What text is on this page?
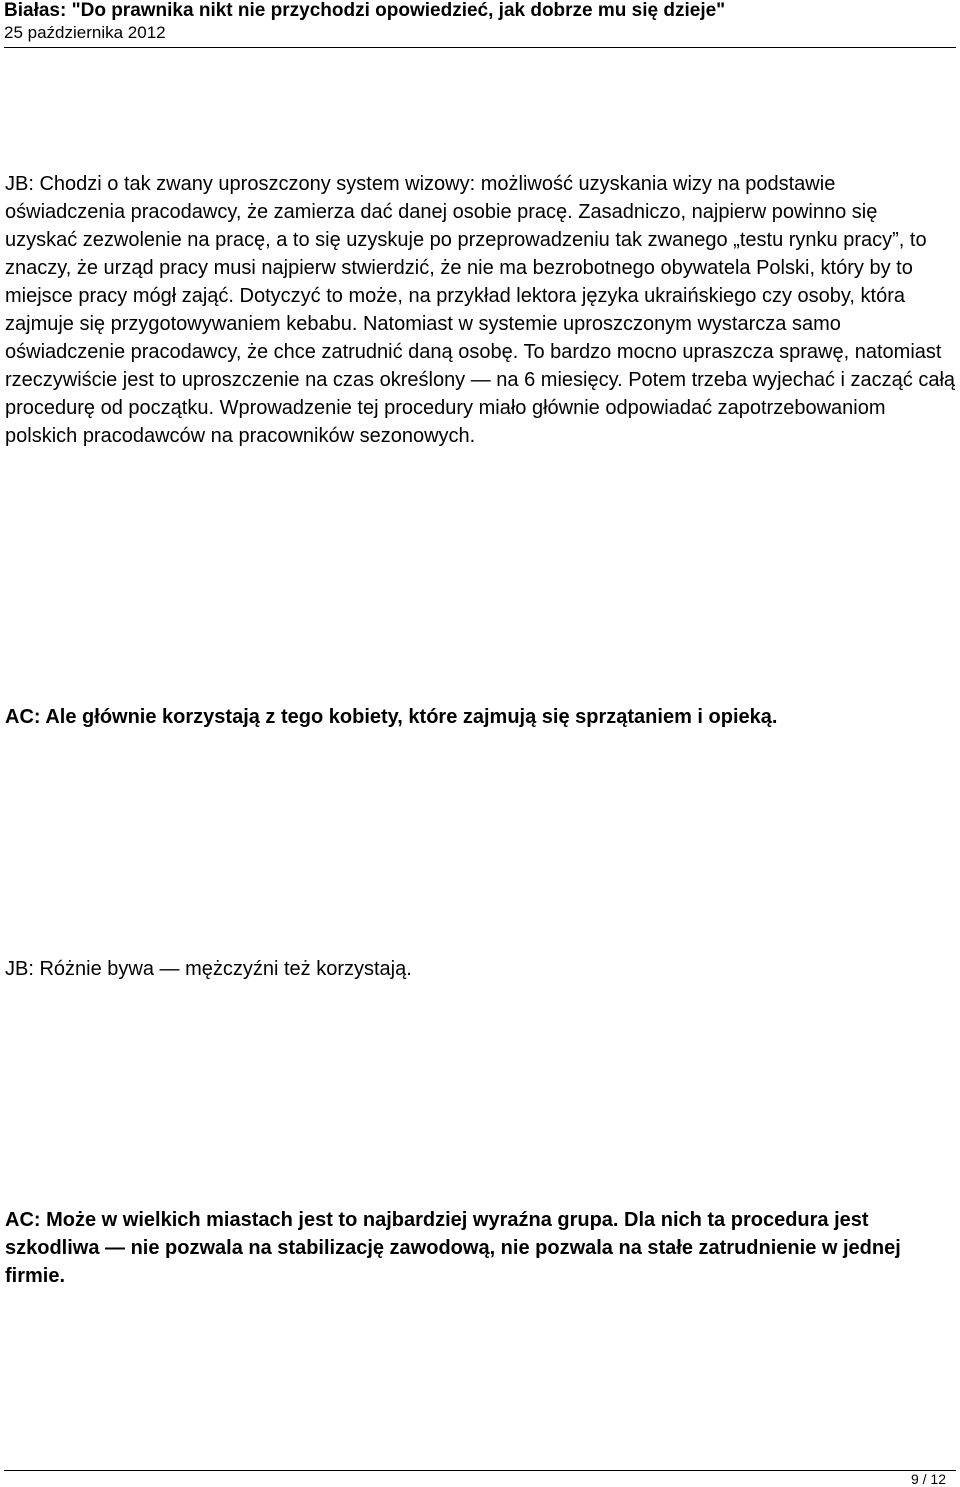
Białas: "Do prawnika nikt nie przychodzi opowiedzieć, jak dobrze mu się dzieje"
25 października 2012

JB: Chodzi o tak zwany uproszczony system wizowy: możliwość uzyskania wizy na podstawie oświadczenia pracodawcy, że zamierza dać danej osobie pracę. Zasadniczo, najpierw powinno się uzyskać zezwolenie na pracę, a to się uzyskuje po przeprowadzeniu tak zwanego „testu rynku pracy”, to znaczy, że urząd pracy musi najpierw stwierdzić, że nie ma bezrobotnego obywatela Polski, który by to miejsce pracy mógł zająć. Dotyczyć to może, na przykład lektora języka ukraińskiego czy osoby, która zajmuje się przygotowywaniem kebabu. Natomiast w systemie uproszczonym wystarcza samo oświadczenie pracodawcy, że chce zatrudnić daną osobę. To bardzo mocno upraszcza sprawę, natomiast rzeczywiście jest to uproszczenie na czas określony — na 6 miesięcy. Potem trzeba wyjechać i zacząć całą procedurę od początku. Wprowadzenie tej procedury miało głównie odpowiadać zapotrzebowaniom polskich pracodawców na pracowników sezonowych.

AC: Ale głównie korzystają z tego kobiety, które zajmują się sprzątaniem i opieką.

JB: Różnie bywa — mężczyźni też korzystają.

AC: Może w wielkich miastach jest to najbardziej wyraźna grupa. Dla nich ta procedura jest szkodliwa — nie pozwala na stabilizację zawodową, nie pozwala na stałe zatrudnienie w jednej firmie.

9 / 12
